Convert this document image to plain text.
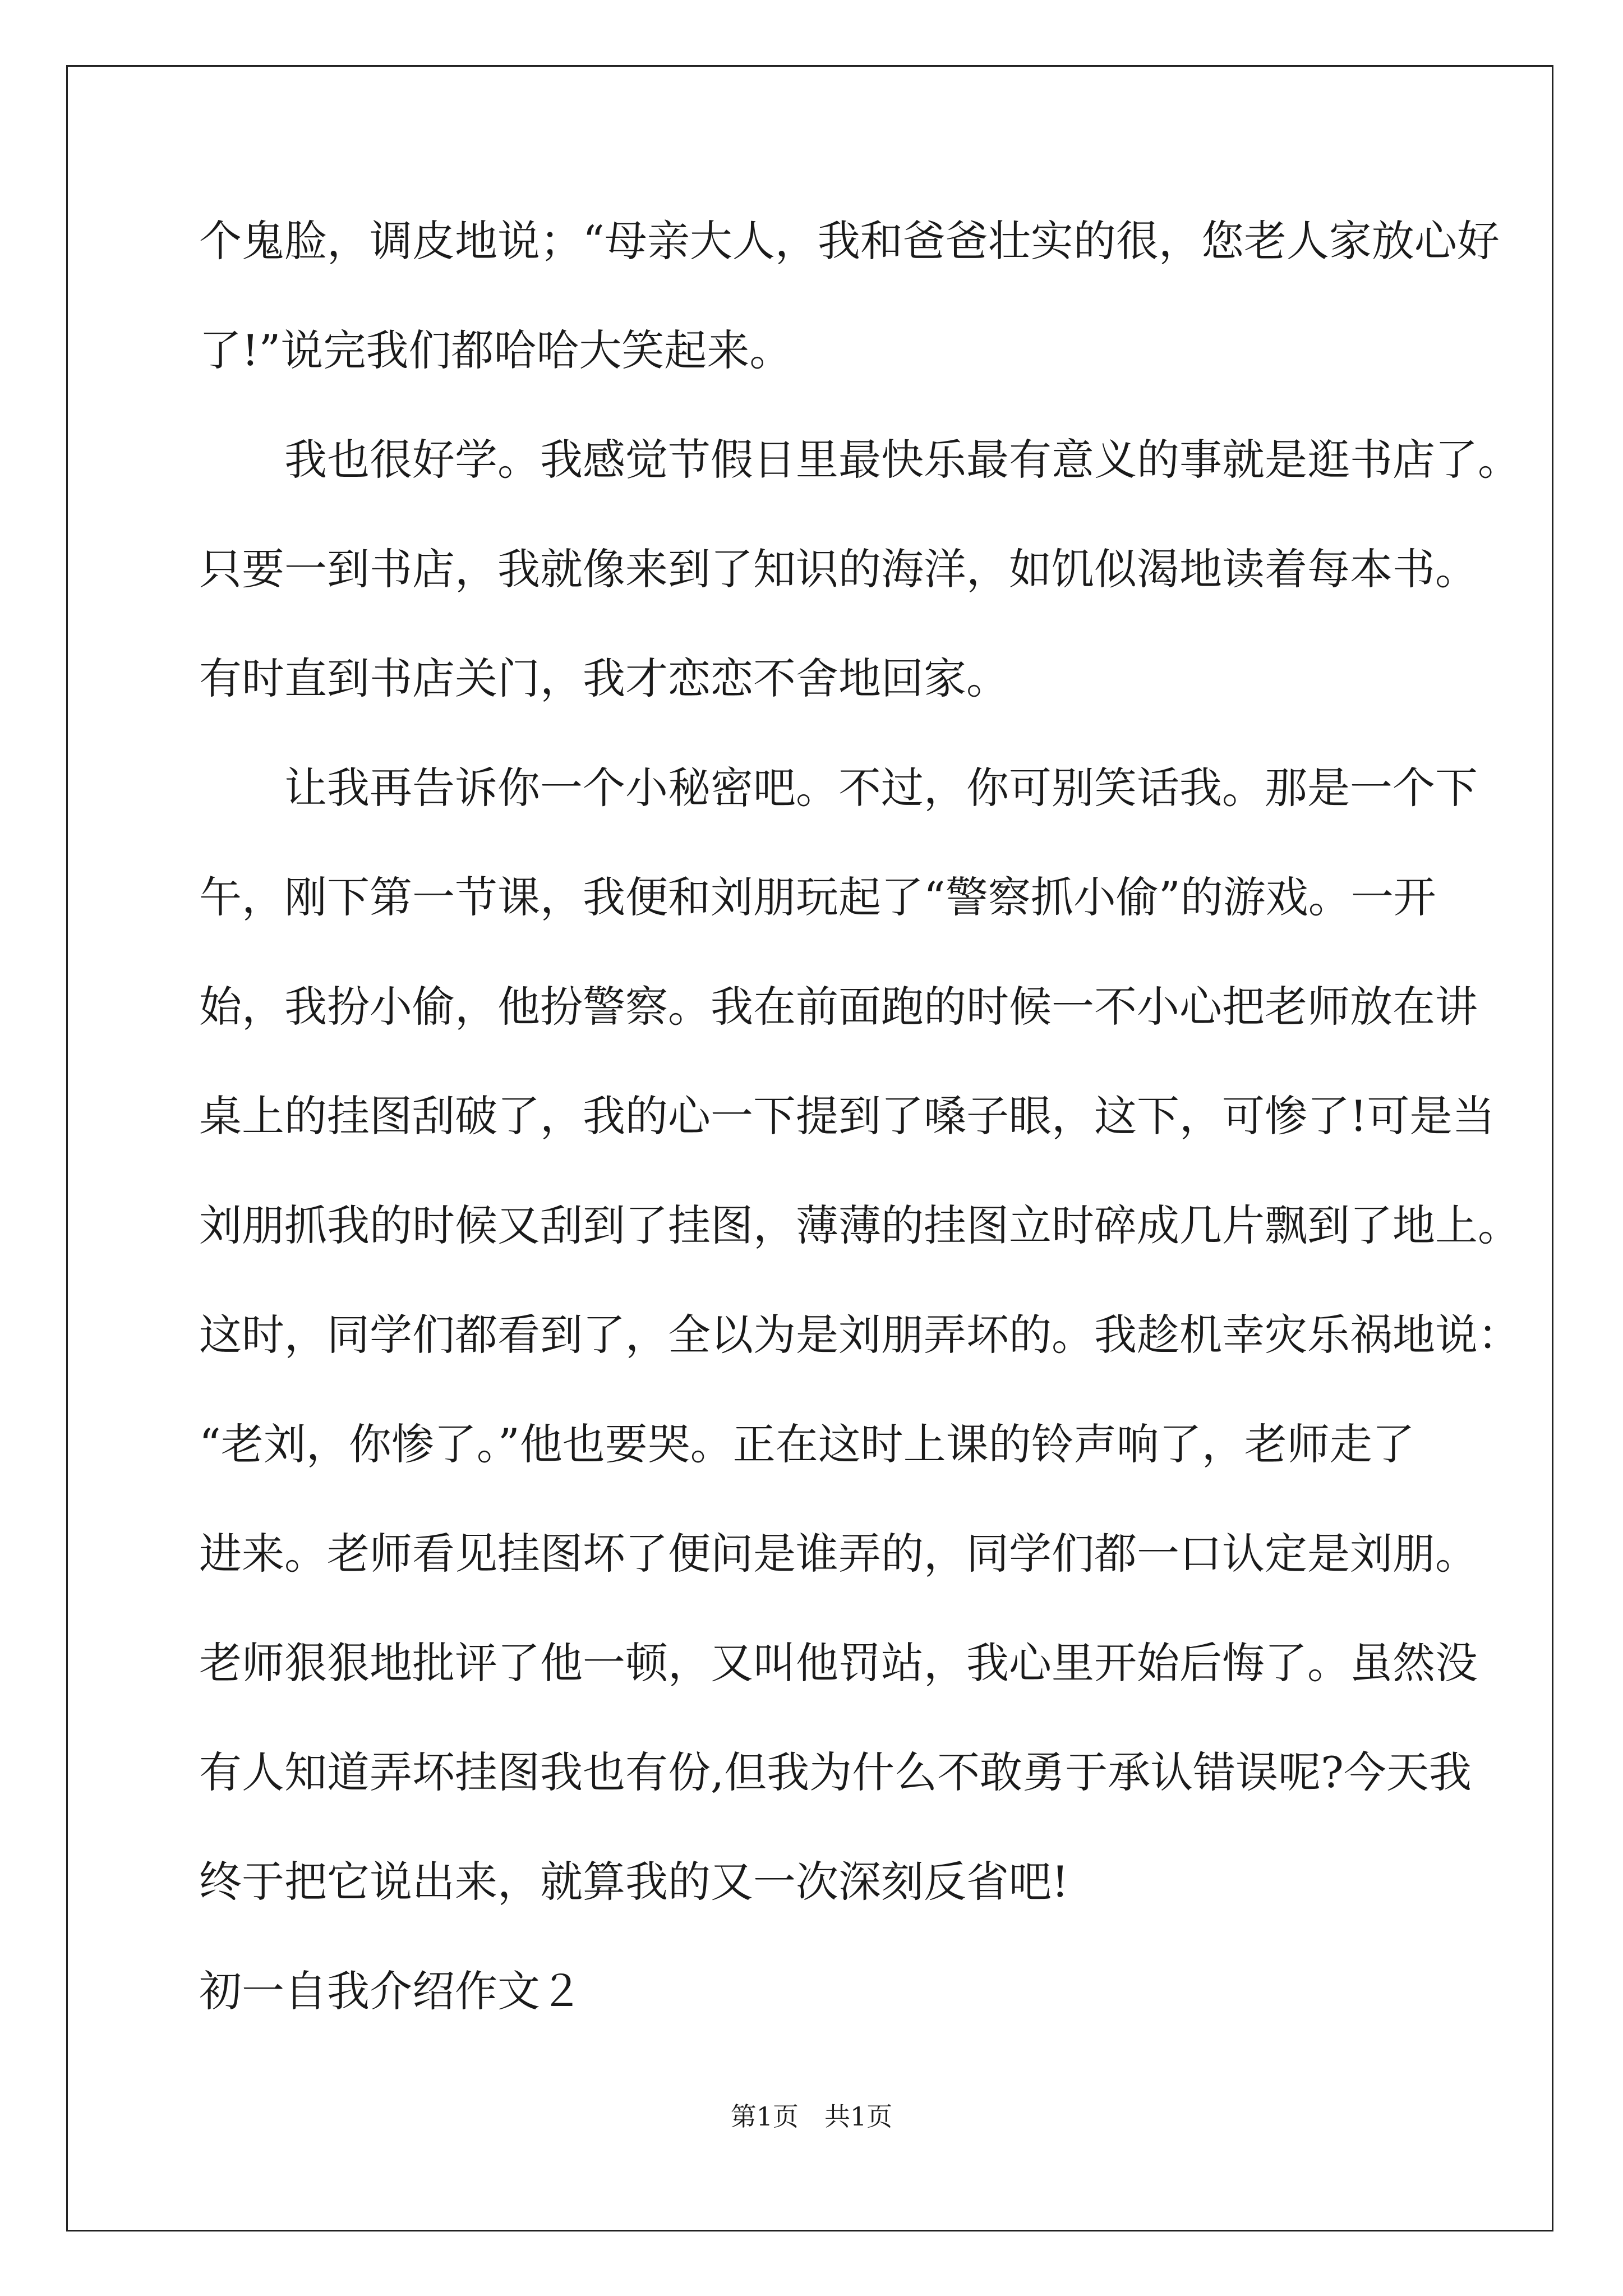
个鬼脸，调皮地说；“母亲大人，我和爸爸壮实的很，您老人家放心好
了!”说完我们都哈哈大笑起来。
　　我也很好学。我感觉节假日里最快乐最有意义的事就是逛书店了。
只要一到书店，我就像来到了知识的海洋，如饥似渴地读着每本书。
有时直到书店关门，我才恋恋不舍地回家。
　　让我再告诉你一个小秘密吧。不过，你可别笑话我。那是一个下
午，刚下第一节课，我便和刘朋玩起了“警察抓小偷”的游戏。一开
始，我扮小偷，他扮警察。我在前面跑的时候一不小心把老师放在讲
桌上的挂图刮破了，我的心一下提到了嗓子眼，这下，可惨了!可是当
刘朋抓我的时候又刮到了挂图，薄薄的挂图立时碎成几片飘到了地上。
这时，同学们都看到了，全以为是刘朋弄坏的。我趁机幸灾乐祸地说：
“老刘，你惨了。”他也要哭。正在这时上课的铃声响了，老师走了
进来。老师看见挂图坏了便问是谁弄的，同学们都一口认定是刘朋。
老师狠狠地批评了他一顿，又叫他罚站，我心里开始后悔了。虽然没
有人知道弄坏挂图我也有份,但我为什么不敢勇于承认错误呢?今天我
终于把它说出来，就算我的又一次深刻反省吧!
初一自我介绍作文２
第1页　共1页
